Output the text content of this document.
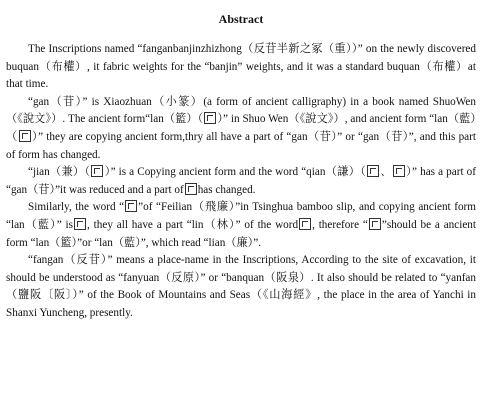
Abstract

The Inscriptions named “fanganbanjinzhizhong（反苷半新之冢（重））” on the newly discovered buquan（布權）, it fabric weights for the “banjin” weights, and it was a standard buquan（布權）at that time.

“gan（苷）” is Xiaozhuan（小篆）(a form of ancient calligraphy) in a book named ShuoWen（《說文》）. The ancient form“lan（籃）（ ）” in Shuo Wen（《說文》）, and ancient form “lan（藍）（ ）” they are copying ancient form,thry all have a part of “gan（苷）” or “gan（苷）”, and this part of form has changed.

“jian（兼）（ ）” is a Copying ancient form and the word “qian（謙）（ 、 ）” has a part of “gan（苷）”it was reduced and a part of has changed.

Similarly, the word “ ”of “Feilian（飛廉）”in Tsinghua bamboo slip, and copying ancient form “lan（藍）” is , they all have a part “lin（林）” of the word , therefore “ ”should be a ancient form “lan（籃）”or “lan（藍）”, which read “lian（廉）”.

“fangan（反苷）” means a place-name in the Inscriptions, According to the site of excavation, it should be understood as “fanyuan（反原）” or “banquan（阪泉）. It also should be related to “yanfan（鹽阪〔阪〕）” of the Book of Mountains and Seas（《山海經》, the place in the area of Yanchi in Shanxi Yuncheng, presently.
